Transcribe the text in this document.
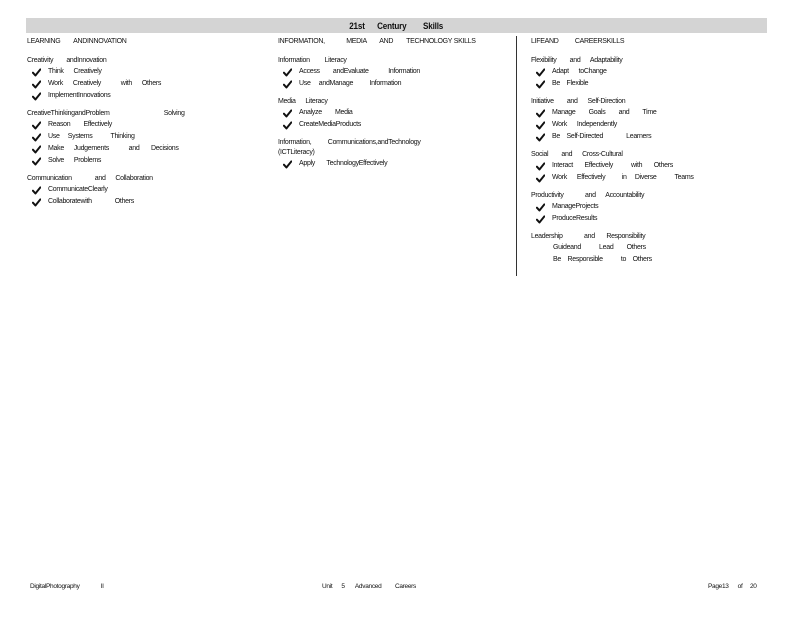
21st      Century        Skills
LEARNING        ANDINNOVATION
Creativity        andInnovation
Think      Creatively
Work      Creatively            with      Others
ImplementInnovations
CreativeThinkingandProblem                                 Solving
Reason        Effectively
Use     Systems           Thinking
Make      Judgements            and       Decisions
Solve      Problems
Communication              and      Collaboration
CommunicateClearly
Collaboratewith              Others
INFORMATION,             MEDIA        AND        TECHNOLOGY SKILLS
Information         Literacy
Access        andEvaluate            Information
Use     andManage          Information
Media      Literacy
Analyze        Media
CreateMediaProducts
Information,          Communications,andTechnology
(ICTLiteracy)
Apply       TechnologyEffectively
LIFEAND          CAREERSKILLS
Flexibility        and      Adaptability
Adapt      toChange
Be    Flexible
Initiative        and      Self-Direction
Manage        Goals        and        Time
Work      Independently
Be    Self-Directed              Learners
Social        and      Cross-Cultural
Interact       Effectively           with       Others
Work      Effectively          in     Diverse           Teams
Productivity             and      Accountability
ManageProjects
ProduceResults
Leadership             and       Responsibility
Guideand           Lead        Others
Be    Responsible           to    Others
DigitalPhotography              II	Unit      5       Advanced         Careers	Page13      of     20
